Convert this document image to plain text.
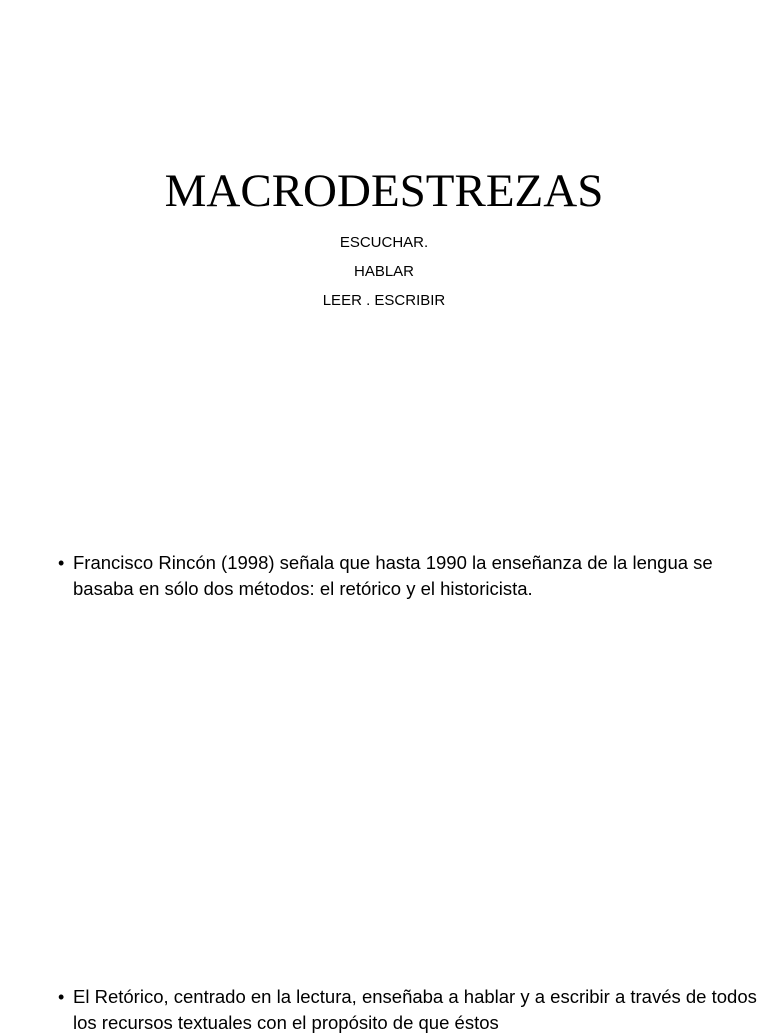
MACRODESTREZAS
ESCUCHAR.
HABLAR
LEER . ESCRIBIR
• Francisco Rincón (1998) señala que hasta 1990 la enseñanza de la lengua se basaba en sólo dos métodos: el retórico y el historicista.
• El Retórico, centrado en la lectura, enseñaba a hablar y a escribir a través de todos los recursos textuales con el propósito de que éstos
